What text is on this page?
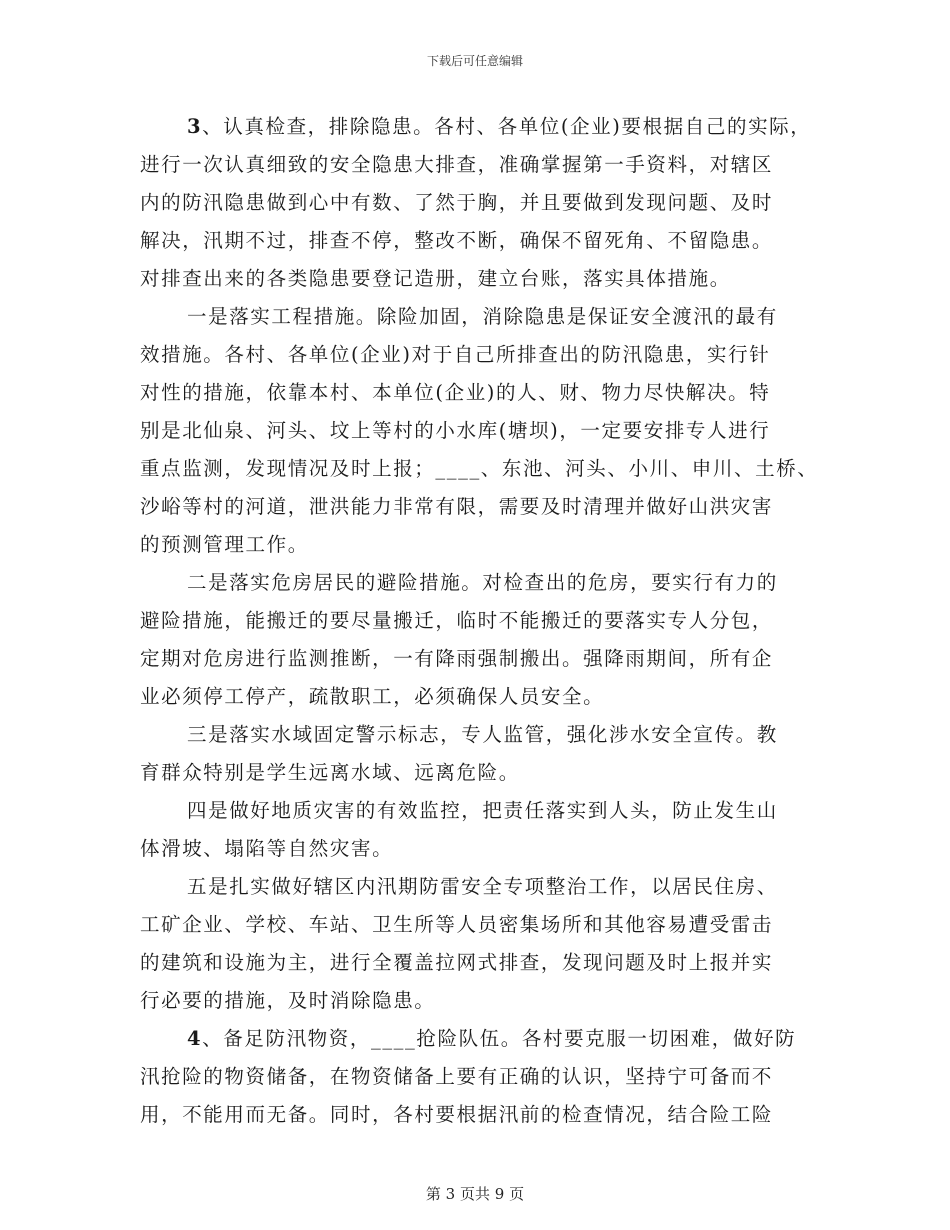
下载后可任意编辑
3、认真检查，排除隐患。各村、各单位(企业)要根据自己的实际，
进行一次认真细致的安全隐患大排查，准确掌握第一手资料，对辖区
内的防汛隐患做到心中有数、了然于胸，并且要做到发现问题、及时
解决，汛期不过，排查不停，整改不断，确保不留死角、不留隐患。
对排查出来的各类隐患要登记造册，建立台账，落实具体措施。
一是落实工程措施。除险加固，消除隐患是保证安全渡汛的最有
效措施。各村、各单位(企业)对于自己所排查出的防汛隐患，实行针
对性的措施，依靠本村、本单位(企业)的人、财、物力尽快解决。特
别是北仙泉、河头、坟上等村的小水库(塘坝)，一定要安排专人进行
重点监测，发现情况及时上报；____、东池、河头、小川、申川、土桥、
沙峪等村的河道，泄洪能力非常有限，需要及时清理并做好山洪灾害
的预测管理工作。
二是落实危房居民的避险措施。对检查出的危房，要实行有力的
避险措施，能搬迁的要尽量搬迁，临时不能搬迁的要落实专人分包，
定期对危房进行监测推断，一有降雨强制搬出。强降雨期间，所有企
业必须停工停产，疏散职工，必须确保人员安全。
三是落实水域固定警示标志，专人监管，强化涉水安全宣传。教
育群众特别是学生远离水域、远离危险。
四是做好地质灾害的有效监控，把责任落实到人头，防止发生山
体滑坡、塌陷等自然灾害。
五是扎实做好辖区内汛期防雷安全专项整治工作，以居民住房、
工矿企业、学校、车站、卫生所等人员密集场所和其他容易遭受雷击
的建筑和设施为主，进行全覆盖拉网式排查，发现问题及时上报并实
行必要的措施，及时消除隐患。
4、备足防汛物资，____抢险队伍。各村要克服一切困难，做好防
汛抢险的物资储备，在物资储备上要有正确的认识，坚持宁可备而不
用，不能用而无备。同时，各村要根据汛前的检查情况，结合险工险
第 3 页共 9 页
